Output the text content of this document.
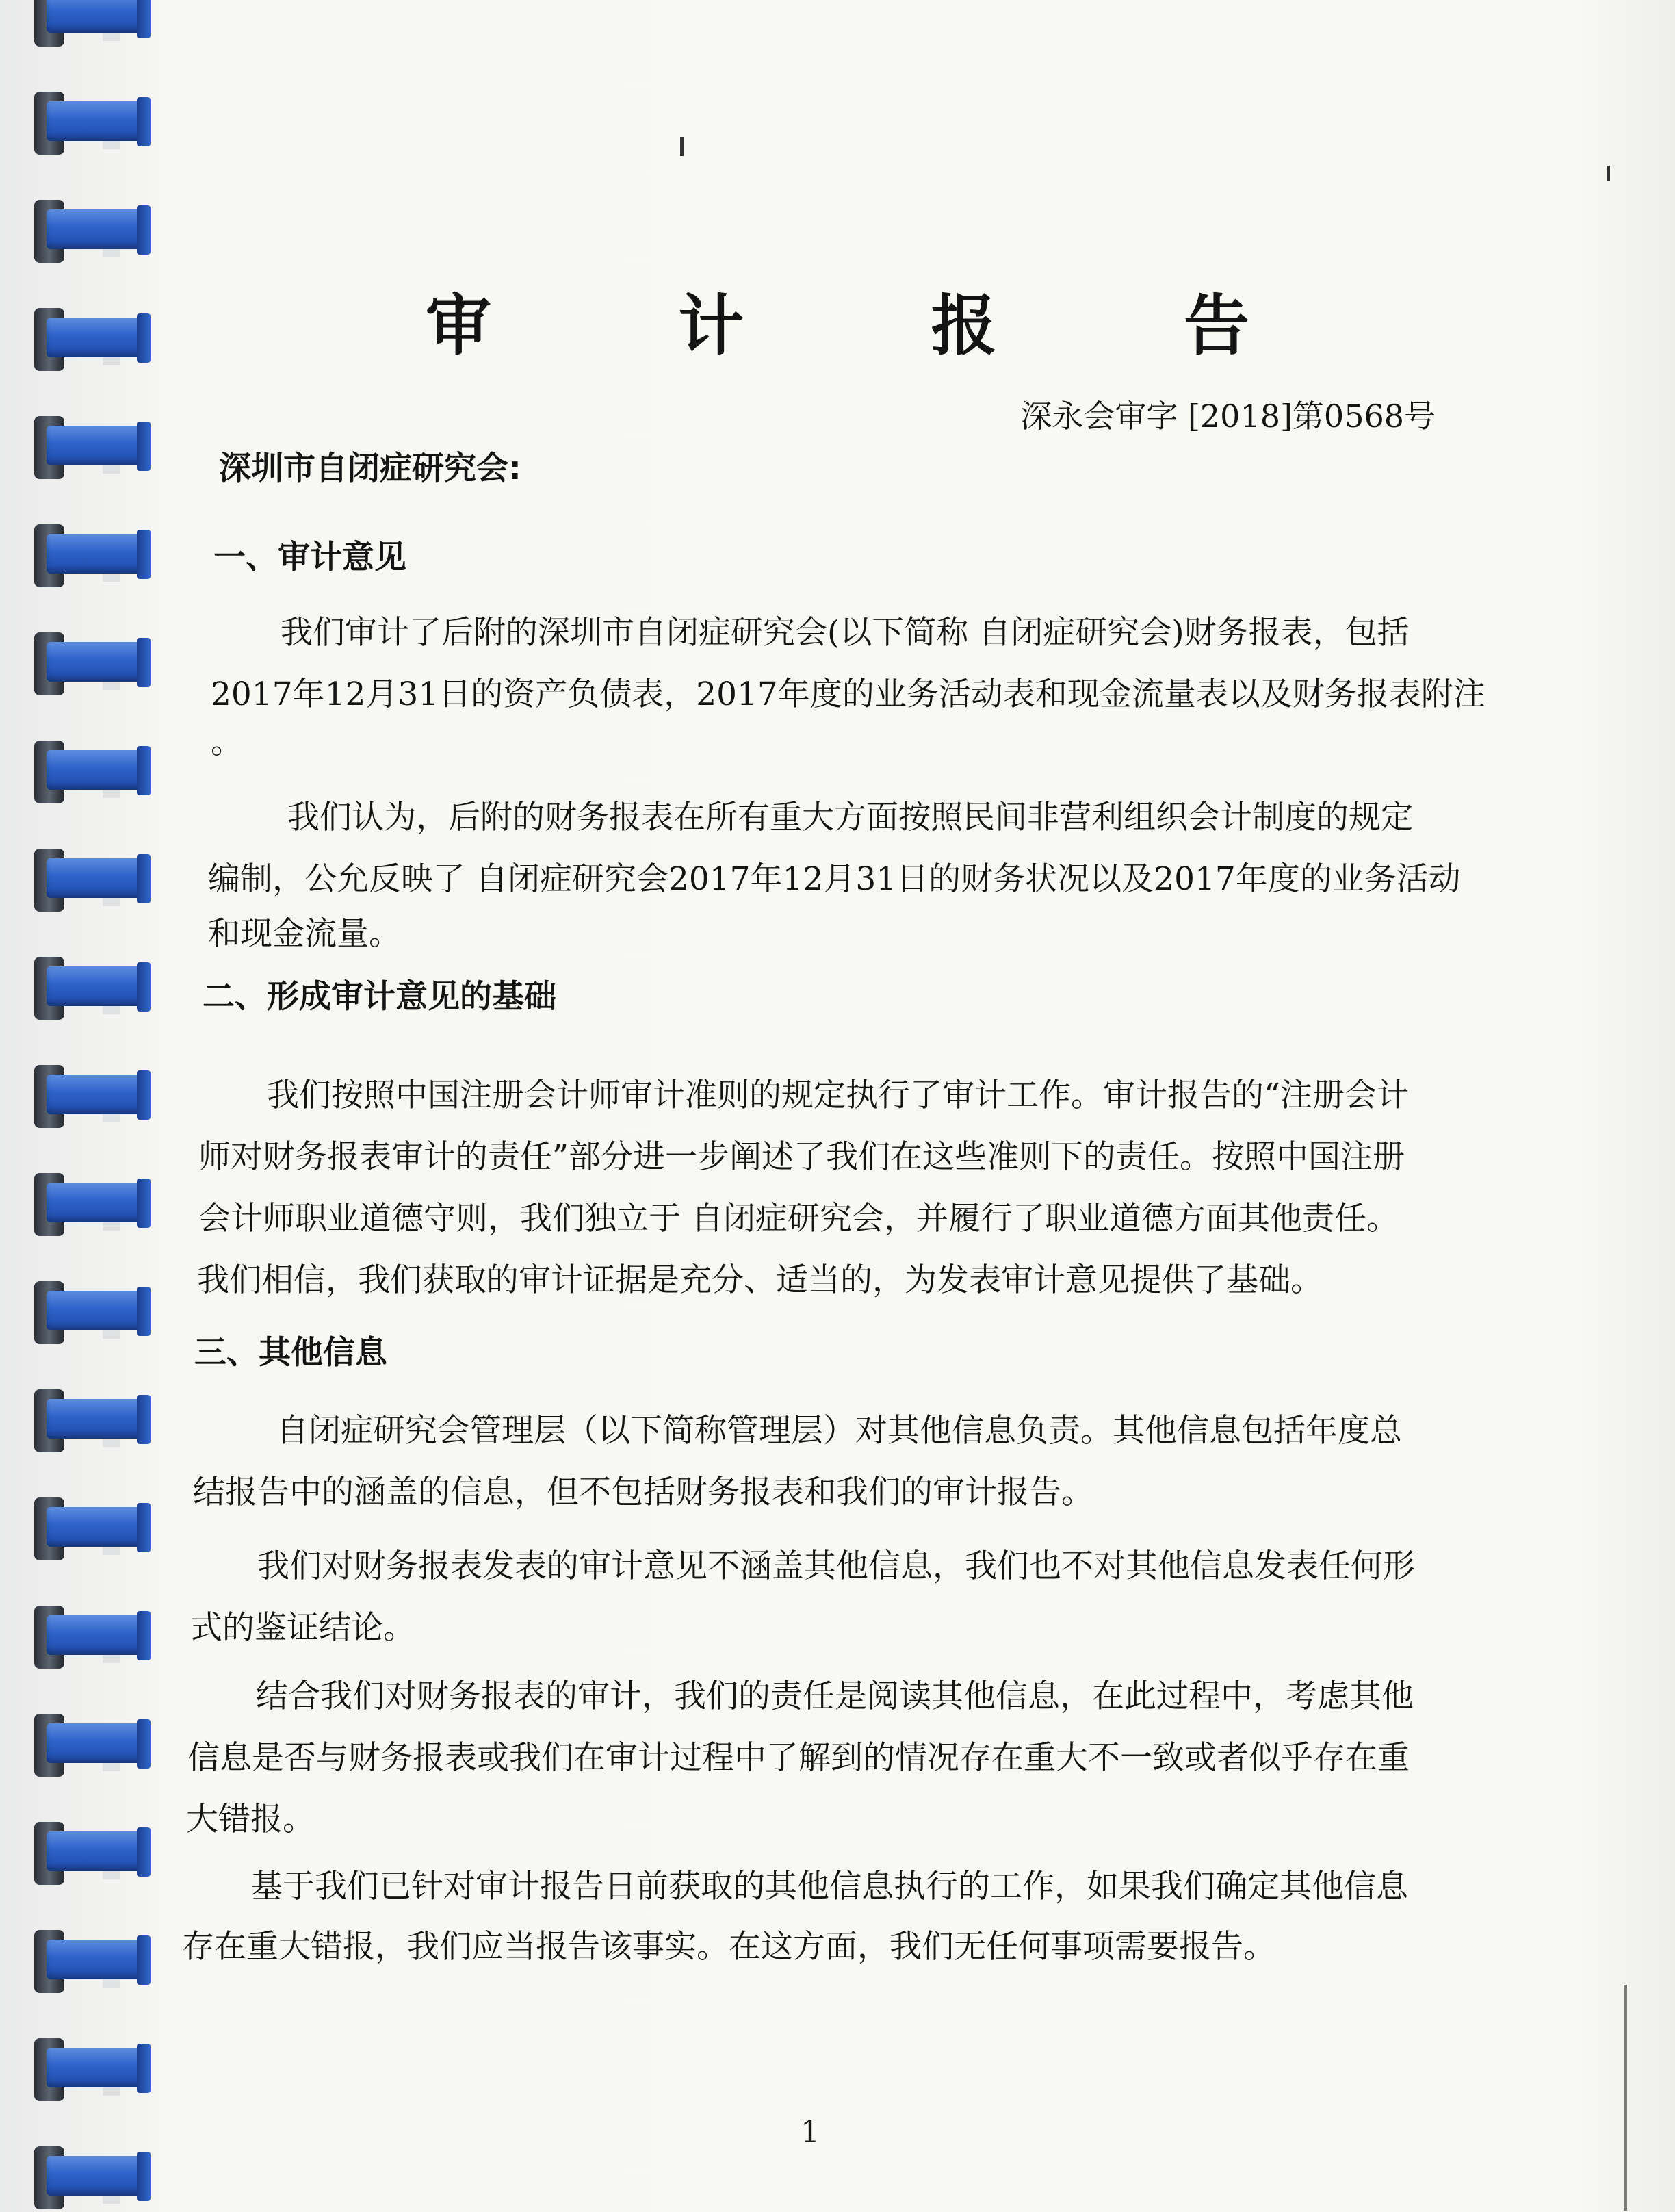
审 计 报 告
深永会审字 [2018]第0568号
深圳市自闭症研究会:
一、审计意见
我们审计了后附的深圳市自闭症研究会(以下简称 自闭症研究会)财务报表，包括
2017年12月31日的资产负债表，2017年度的业务活动表和现金流量表以及财务报表附注
。
我们认为，后附的财务报表在所有重大方面按照民间非营利组织会计制度的规定
编制，公允反映了 自闭症研究会2017年12月31日的财务状况以及2017年度的业务活动
和现金流量。
二、形成审计意见的基础
我们按照中国注册会计师审计准则的规定执行了审计工作。审计报告的“注册会计
师对财务报表审计的责任”部分进一步阐述了我们在这些准则下的责任。按照中国注册
会计师职业道德守则，我们独立于 自闭症研究会，并履行了职业道德方面其他责任。
我们相信，我们获取的审计证据是充分、适当的，为发表审计意见提供了基础。
三、其他信息
自闭症研究会管理层（以下简称管理层）对其他信息负责。其他信息包括年度总
结报告中的涵盖的信息，但不包括财务报表和我们的审计报告。
我们对财务报表发表的审计意见不涵盖其他信息，我们也不对其他信息发表任何形
式的鉴证结论。
结合我们对财务报表的审计，我们的责任是阅读其他信息，在此过程中，考虑其他
信息是否与财务报表或我们在审计过程中了解到的情况存在重大不一致或者似乎存在重
大错报。
基于我们已针对审计报告日前获取的其他信息执行的工作，如果我们确定其他信息
存在重大错报，我们应当报告该事实。在这方面，我们无任何事项需要报告。
1
